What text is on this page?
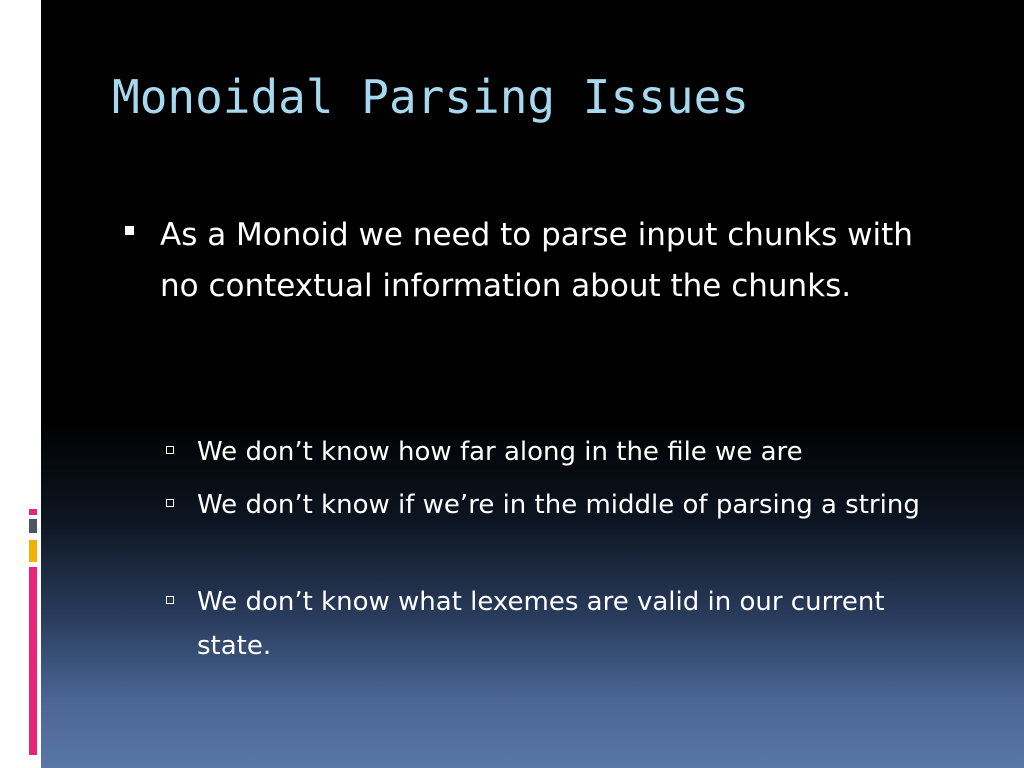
Monoidal Parsing Issues
As a Monoid we need to parse input chunks with no contextual information about the chunks.
We don’t know how far along in the file we are
We don’t know if we’re in the middle of parsing a string
We don’t know what lexemes are valid in our current state.
